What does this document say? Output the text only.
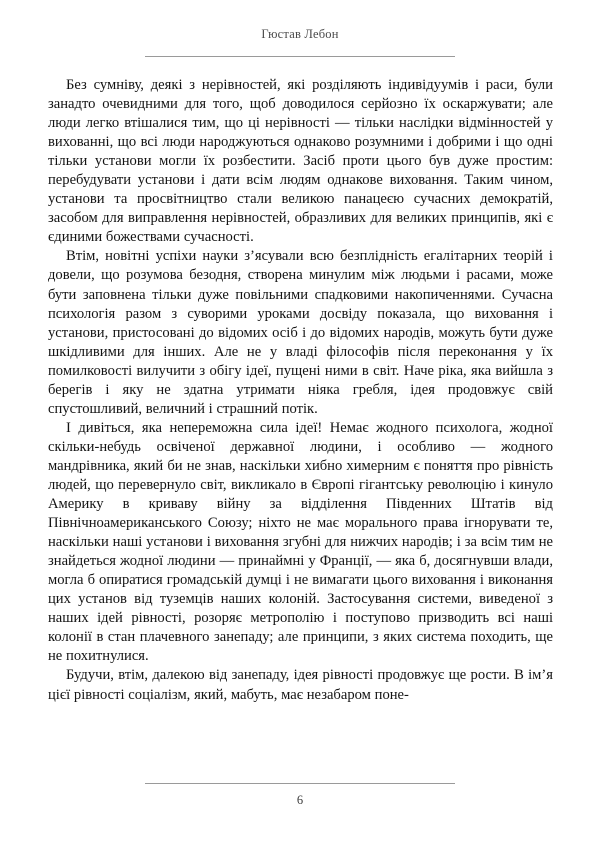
Гюстав Лебон

Без сумніву, деякі з нерівностей, які розділяють індивідуумів і раси, були занадто очевидними для того, щоб доводилося серйозно їх оскаржувати; але люди легко втішалися тим, що ці нерівності — тільки наслідки відмінностей у вихованні, що всі люди народжуються однаково розумними і добрими і що одні тільки установи могли їх розбестити. Засіб проти цього був дуже простим: перебудувати установи і дати всім людям однакове виховання. Таким чином, установи та просвітництво стали великою панацеєю сучасних демократій, засобом для виправлення нерівностей, образливих для великих принципів, які є єдиними божествами сучасності.

Втім, новітні успіхи науки з’ясували всю безплідність егалітарних теорій і довели, що розумова безодня, створена минулим між людьми і расами, може бути заповнена тільки дуже повільними спадковими накопиченнями. Сучасна психологія разом з суворими уроками досвіду показала, що виховання і установи, пристосовані до відомих осіб і до відомих народів, можуть бути дуже шкідливими для інших. Але не у владі філософів після переконання у їх помилковості вилучити з обігу ідеї, пущені ними в світ. Наче ріка, яка вийшла з берегів і яку не здатна утримати ніяка гребля, ідея продовжує свій спустошливий, величний і страшний потік.

І дивіться, яка непереможна сила ідеї! Немає жодного психолога, жодної скільки-небудь освіченої державної людини, і особливо — жодного мандрівника, який би не знав, наскільки хибно химерним є поняття про рівність людей, що перевернуло світ, викликало в Європі гігантську революцію і кинуло Америку в криваву війну за відділення Південних Штатів від Північноамериканського Союзу; ніхто не має морального права ігнорувати те, наскільки наші установи і виховання згубні для нижчих народів; і за всім тим не знайдеться жодної людини — принаймні у Франції, — яка б, досягнувши влади, могла б опиратися громадській думці і не вимагати цього виховання і виконання цих установ від туземців наших колоній. Застосування системи, виведеної з наших ідей рівності, розоряє метрополію і поступово призводить всі наші колонії в стан плачевного занепаду; але принципи, з яких система походить, ще не похитнулися.

Будучи, втім, далекою від занепаду, ідея рівності продовжує ще рости. В ім’я цієї рівності соціалізм, який, мабуть, має незабаром поне-

6
